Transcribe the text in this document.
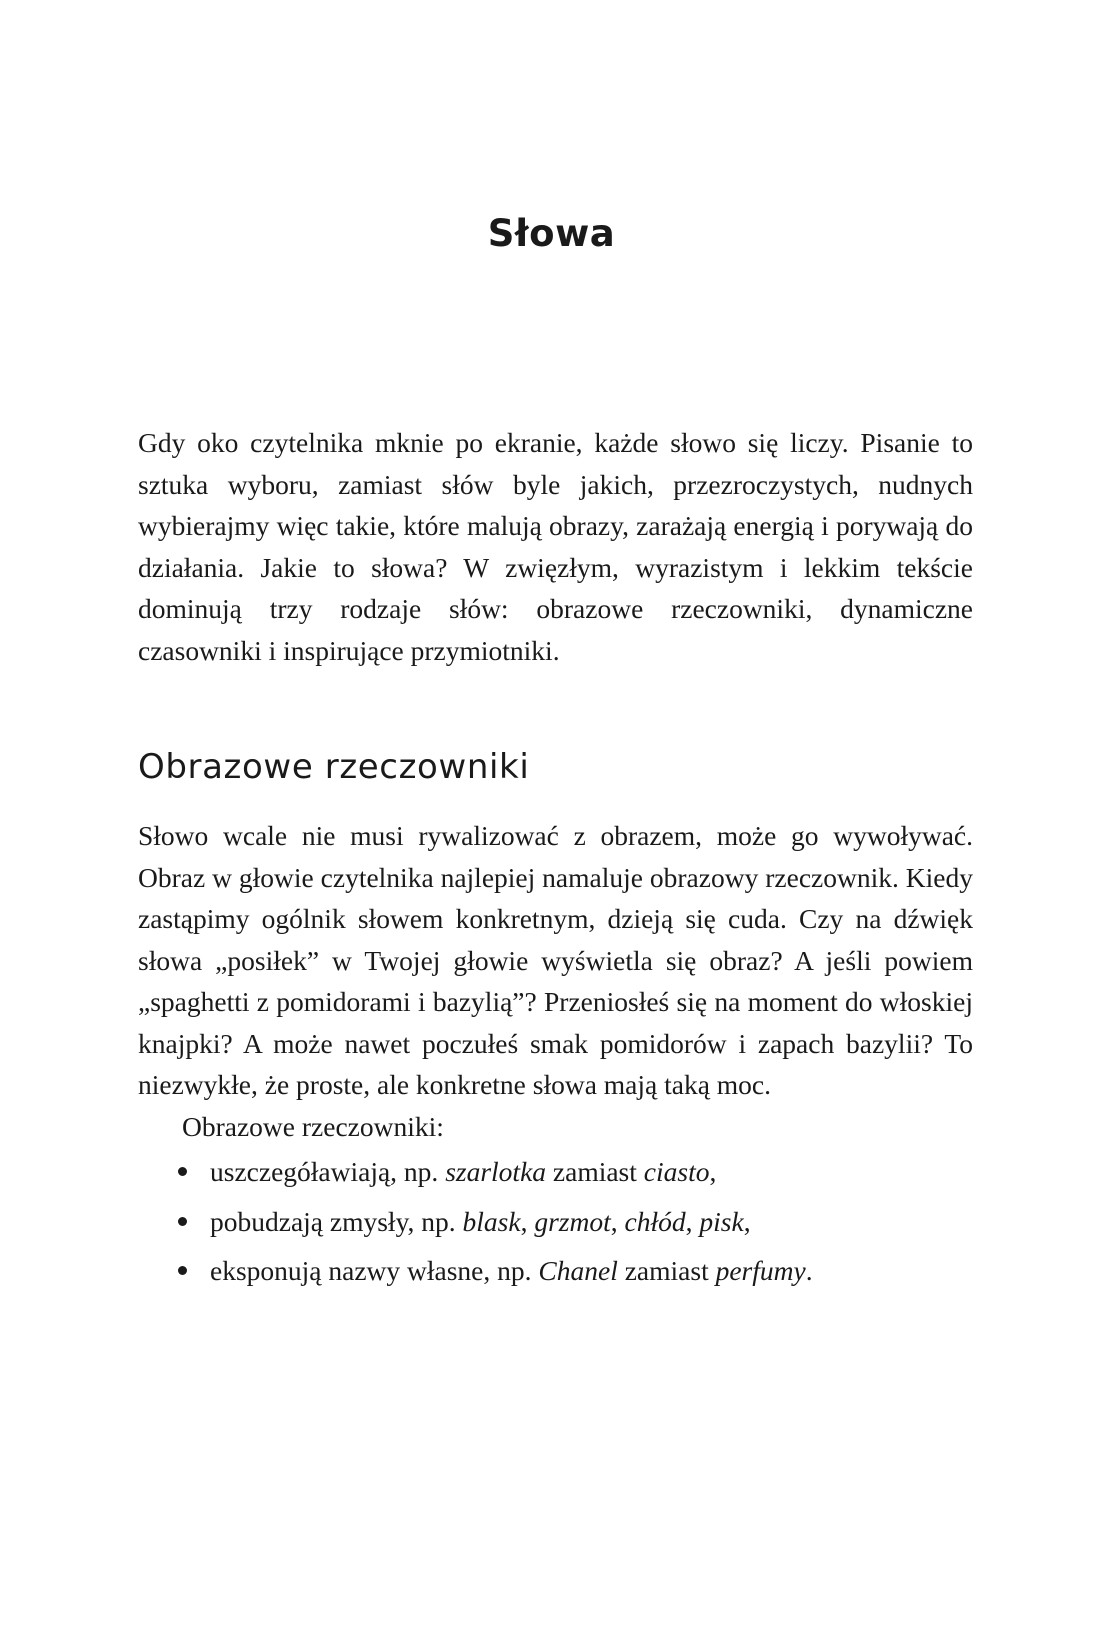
Słowa

Gdy oko czytelnika mknie po ekranie, każde słowo się liczy. Pisanie to sztuka wyboru, zamiast słów byle jakich, przezroczystych, nudnych wybierajmy więc takie, które malują obrazy, zarażają energią i porywają do działania. Jakie to słowa? W zwięzłym, wyrazistym i lekkim tekście dominują trzy rodzaje słów: obrazowe rzeczowniki, dynamiczne czasowniki i inspirujące przymiotniki.

Obrazowe rzeczowniki

Słowo wcale nie musi rywalizować z obrazem, może go wywoływać. Obraz w głowie czytelnika najlepiej namaluje obrazowy rzeczownik. Kiedy zastąpimy ogólnik słowem konkretnym, dzieją się cuda. Czy na dźwięk słowa „posiłek” w Twojej głowie wyświetla się obraz? A jeśli powiem „spaghetti z pomidorami i bazylią”? Przeniosłeś się na moment do włoskiej knajpki? A może nawet poczułeś smak pomidorów i zapach bazylii? To niezwykłe, że proste, ale konkretne słowa mają taką moc.

Obrazowe rzeczowniki:

uszczegóławiają, np. szarlotka zamiast ciasto,
pobudzają zmysły, np. blask, grzmot, chłód, pisk,
eksponują nazwy własne, np. Chanel zamiast perfumy.
